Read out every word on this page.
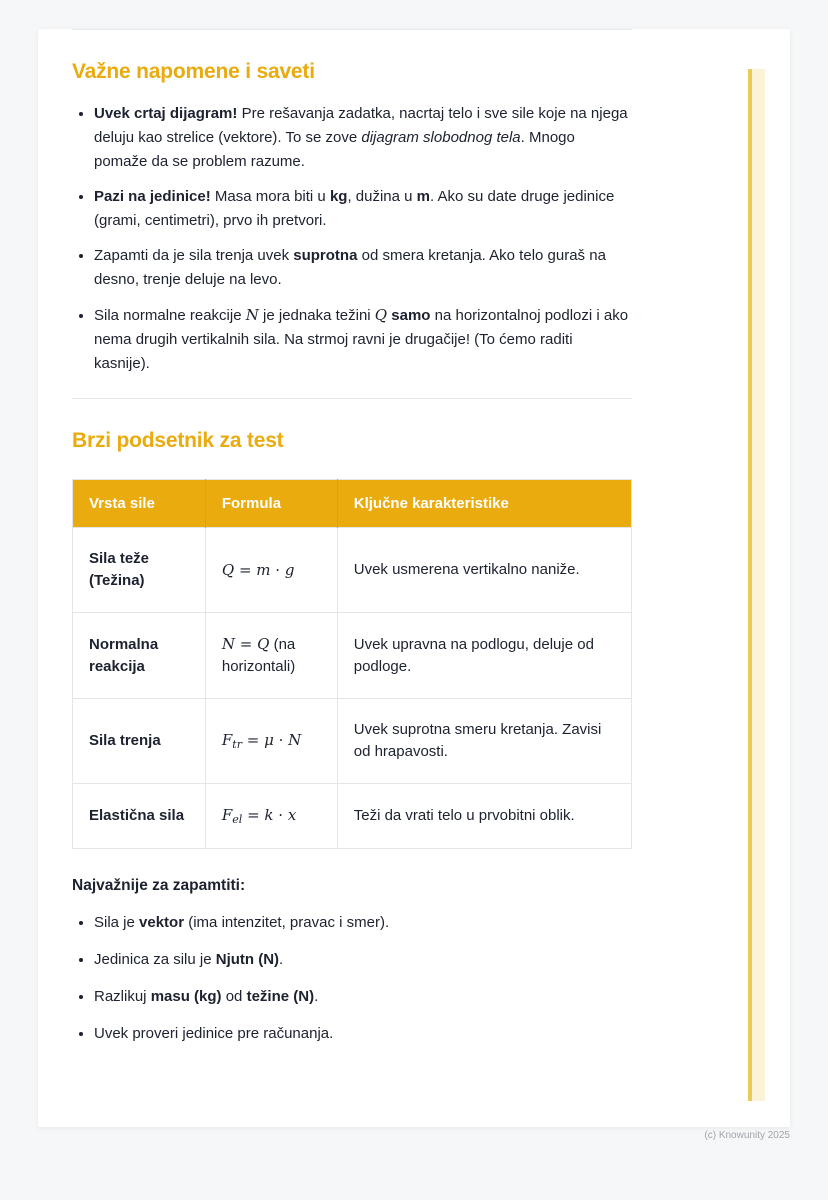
Važne napomene i saveti
• Uvek crtaj dijagram! Pre rešavanja zadatka, nacrtaj telo i sve sile koje na njega deluju kao strelice (vektore). To se zove dijagram slobodnog tela. Mnogo pomaže da se problem razume.
• Pazi na jedinice! Masa mora biti u kg, dužina u m. Ako su date druge jedinice (grami, centimetri), prvo ih pretvori.
• Zapamti da je sila trenja uvek suprotna od smera kretanja. Ako telo guraš na desno, trenje deluje na levo.
• Sila normalne reakcije N je jednaka težini Q samo na horizontalnoj podlozi i ako nema drugih vertikalnih sila. Na strmoj ravni je drugačije! (To ćemo raditi kasnije).
Brzi podsetnik za test
Vrsta sile	Formula	Ključne karakteristike
Sila teže (Težina)	Q = m · g	Uvek usmerena vertikalno naniže.
Normalna reakcija	N = Q (na horizontali)	Uvek upravna na podlogu, deluje od podloge.
Sila trenja	$F_{tr} = \mu \cdot N$	Uvek suprotna smeru kretanja. Zavisi od hrapavosti.
Elastična sila	$F_{el} = k \cdot x$	Teži da vrati telo u prvobitni oblik.

Najvažnije za zapamtiti:

• Sila je vektor (ima intenzitet, pravac i smer).
• Jedinica za silu je Njutn (N).
• Razlikuj masu (kg) od težine (N).
• Uvek proveri jedinice pre računanja.
(c) Knowunity 2025
